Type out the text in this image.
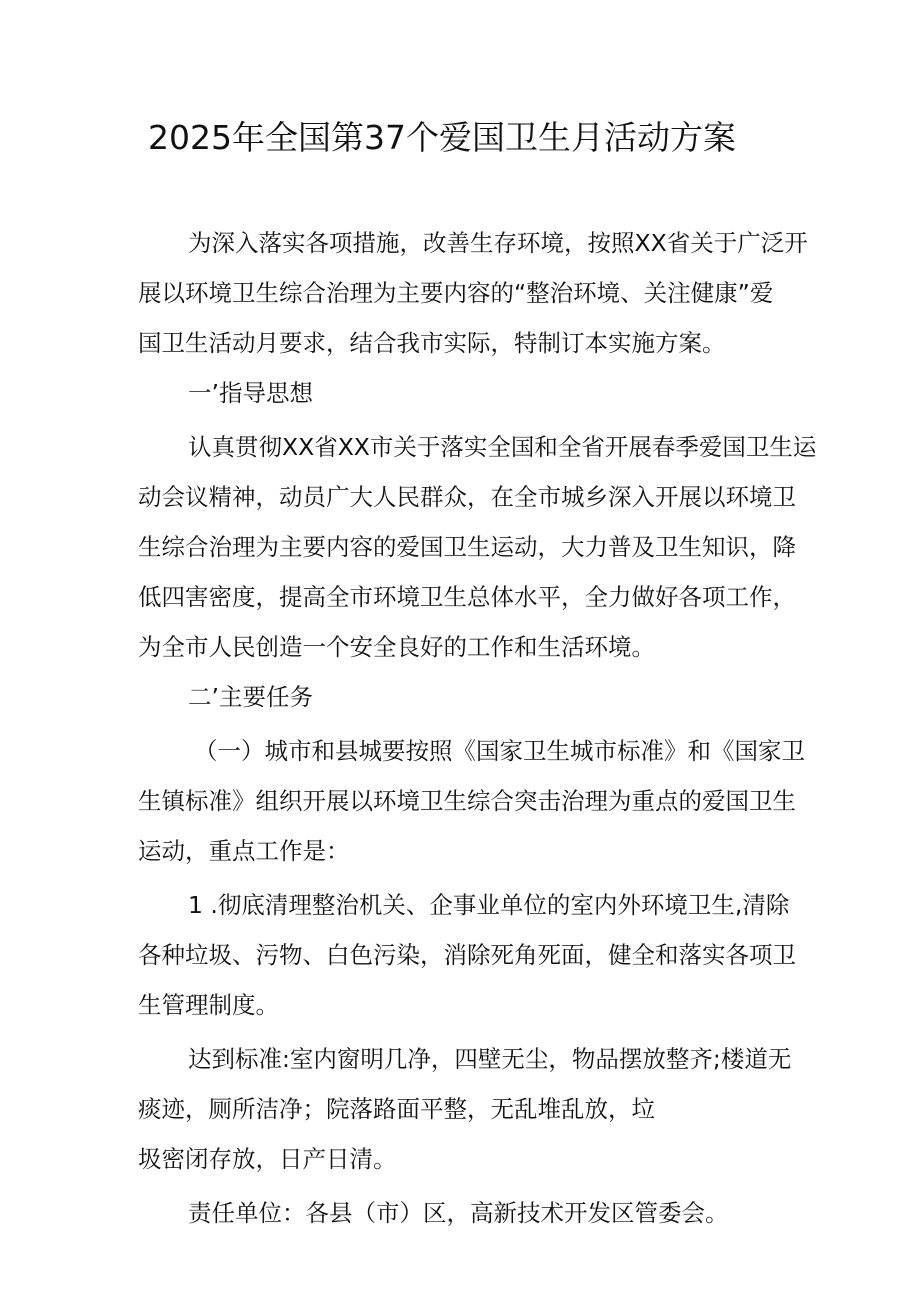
2025年全国第37个爱国卫生月活动方案
为深入落实各项措施，改善生存环境，按照XX省关于广泛开
展以环境卫生综合治理为主要内容的“整治环境、关注健康”爱
国卫生活动月要求，结合我市实际，特制订本实施方案。
一’指导思想
认真贯彻XX省XX市关于落实全国和全省开展春季爱国卫生运
动会议精神，动员广大人民群众，在全市城乡深入开展以环境卫
生综合治理为主要内容的爱国卫生运动，大力普及卫生知识，降
低四害密度，提高全市环境卫生总体水平，全力做好各项工作，
为全市人民创造一个安全良好的工作和生活环境。
二’主要任务
（一）城市和县城要按照《国家卫生城市标准》和《国家卫
生镇标准》组织开展以环境卫生综合突击治理为重点的爱国卫生
运动，重点工作是：
1 .彻底清理整治机关、企事业单位的室内外环境卫生,清除
各种垃圾、污物、白色污染，消除死角死面，健全和落实各项卫
生管理制度。
达到标准:室内窗明几净，四壁无尘，物品摆放整齐;楼道无
痰迹，厕所洁净；院落路面平整，无乱堆乱放，垃
圾密闭存放，日产日清。
责任单位：各县（市）区，高新技术开发区管委会。
